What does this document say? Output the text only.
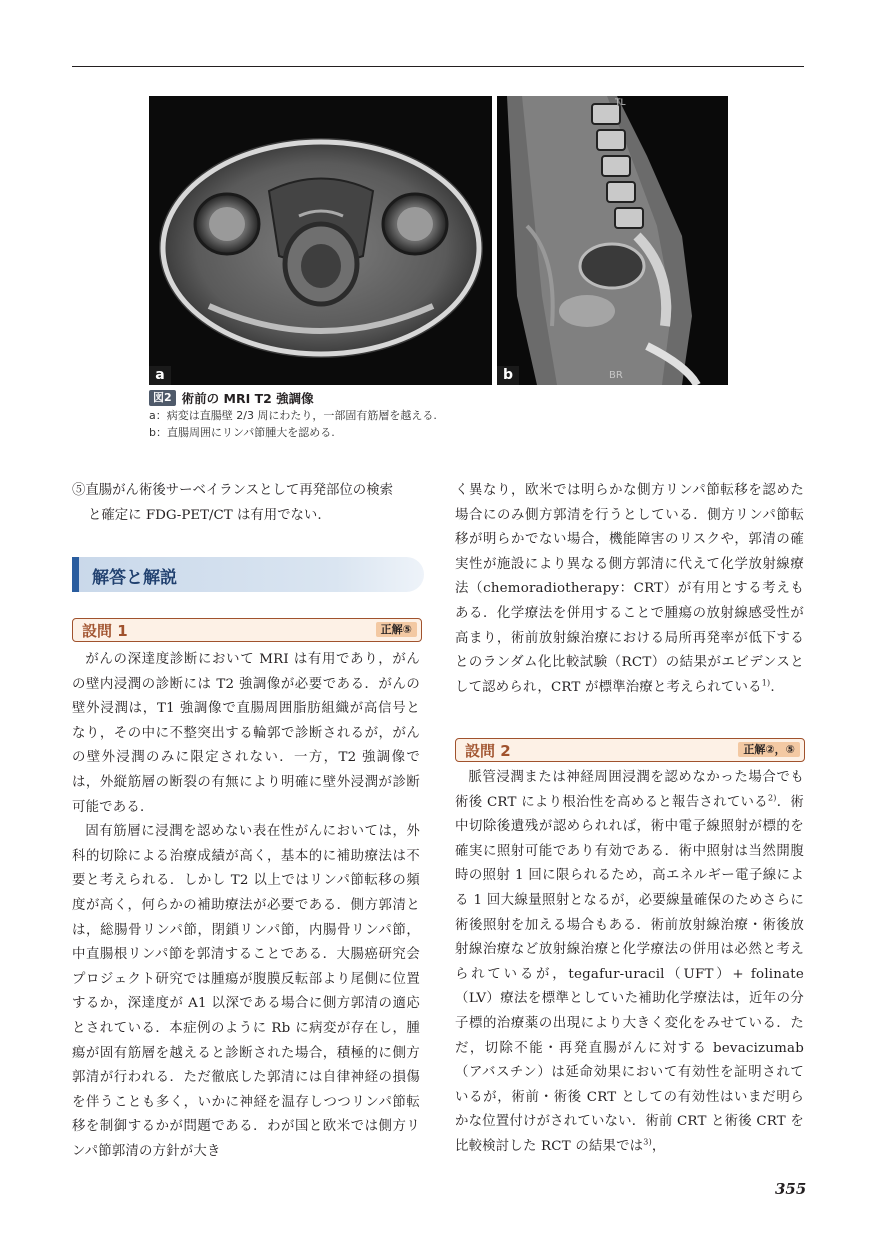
a
TL
BR
b
図2 術前の MRI T2 強調像
a：病変は直腸壁 2/3 周にわたり，一部固有筋層を越える.
b：直腸周囲にリンパ節腫大を認める.
⑤直腸がん術後サーベイランスとして再発部位の検索
と確定に FDG-PET/CT は有用でない.
解答と解説
設問 1	正解⑤

がんの深達度診断において MRI は有用であり，がんの壁内浸潤の診断には T2 強調像が必要である．がんの壁外浸潤は，T1 強調像で直腸周囲脂肪組織が高信号となり，その中に不整突出する輪郭で診断されるが，がんの壁外浸潤のみに限定されない．一方，T2 強調像では，外縦筋層の断裂の有無により明確に壁外浸潤が診断可能である．

固有筋層に浸潤を認めない表在性がんにおいては，外科的切除による治療成績が高く，基本的に補助療法は不要と考えられる．しかし T2 以上ではリンパ節転移の頻度が高く，何らかの補助療法が必要である．側方郭清とは，総腸骨リンパ節，閉鎖リンパ節，内腸骨リンパ節，中直腸根リンパ節を郭清することである．大腸癌研究会プロジェクト研究では腫瘍が腹膜反転部より尾側に位置するか，深達度が A1 以深である場合に側方郭清の適応とされている．本症例のように Rb に病変が存在し，腫瘍が固有筋層を越えると診断された場合，積極的に側方郭清が行われる．ただ徹底した郭清には自律神経の損傷を伴うことも多く，いかに神経を温存しつつリンパ節転移を制御するかが問題である．わが国と欧米では側方リンパ節郭清の方針が大き

く異なり，欧米では明らかな側方リンパ節転移を認めた場合にのみ側方郭清を行うとしている．側方リンパ節転移が明らかでない場合，機能障害のリスクや，郭清の確実性が施設により異なる側方郭清に代えて化学放射線療法（chemoradiotherapy：CRT）が有用とする考えもある．化学療法を併用することで腫瘍の放射線感受性が高まり，術前放射線治療における局所再発率が低下するとのランダム化比較試験（RCT）の結果がエビデンスとして認められ，CRT が標準治療と考えられている$^{1)}$.

設問 2	正解②，⑤

脈管浸潤または神経周囲浸潤を認めなかった場合でも術後 CRT により根治性を高めると報告されている$^{2)}$．術中切除後遺残が認められれば，術中電子線照射が標的を確実に照射可能であり有効である．術中照射は当然開腹時の照射 1 回に限られるため，高エネルギー電子線による 1 回大線量照射となるが，必要線量確保のためさらに術後照射を加える場合もある．術前放射線治療・術後放射線治療など放射線治療と化学療法の併用は必然と考えられているが，tegafur-uracil（UFT）+ folinate（LV）療法を標準としていた補助化学療法は，近年の分子標的治療薬の出現により大きく変化をみせている．ただ，切除不能・再発直腸がんに対する bevacizumab（アバスチン）は延命効果において有効性を証明されているが，術前・術後 CRT としての有効性はいまだ明らかな位置付けがされていない．術前 CRT と術後 CRT を比較検討した RCT の結果では$^{3)}$，

355
